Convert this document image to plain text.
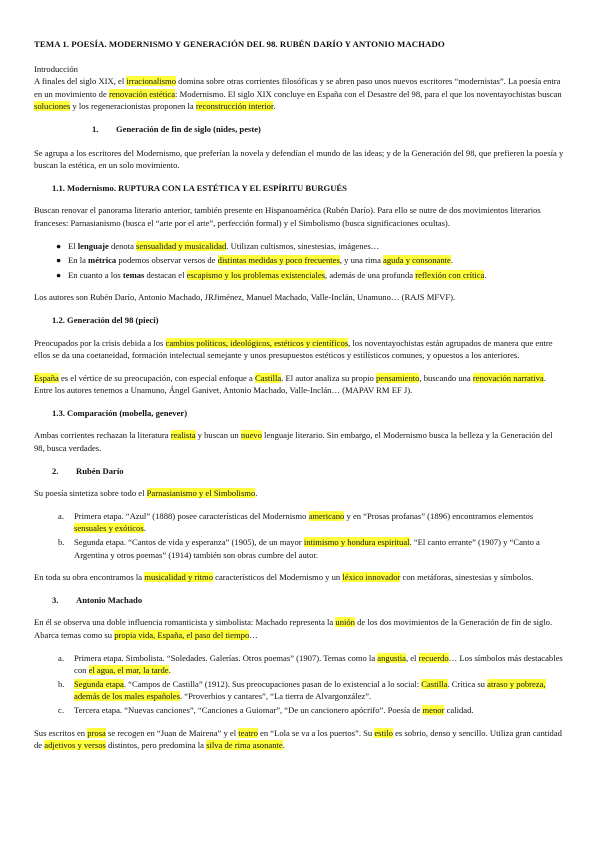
TEMA 1. POESÍA. MODERNISMO Y GENERACIÓN DEL 98. RUBÉN DARÍO Y ANTONIO MACHADO

Introducción

A finales del siglo XIX, el irracionalismo domina sobre otras corrientes filosóficas y se abren paso unos nuevos escritores “modernistas”. La poesía entra en un movimiento de renovación estética: Modernismo. El siglo XIX concluye en España con el Desastre del 98, para el que los noventayochistas buscan soluciones y los regeneracionistas proponen la reconstrucción interior.

1. Generación de fin de siglo (nides, peste)

Se agrupa a los escritores del Modernismo, que preferían la novela y defendían el mundo de las ideas; y de la Generación del 98, que prefieren la poesía y buscan la estética, en un solo movimiento.

1.1. Modernismo. RUPTURA CON LA ESTÉTICA Y EL ESPÍRITU BURGUÉS

Buscan renovar el panorama literario anterior, también presente en Hispanoamérica (Rubén Darío). Para ello se nutre de dos movimientos literarios franceses: Parnasianismo (busca el “arte por el arte”, perfección formal) y el Simbolismo (busca significaciones ocultas).

● El lenguaje denota sensualidad y musicalidad. Utilizan cultismos, sinestesias, imágenes…
● En la métrica podemos observar versos de distintas medidas y poco frecuentes, y una rima aguda y consonante.
● En cuanto a los temas destacan el escapismo y los problemas existenciales, además de una profunda reflexión con crítica.

Los autores son Rubén Darío, Antonio Machado, JRJiménez, Manuel Machado, Valle-Inclán, Unamuno… (RAJS MFVF).

1.2. Generación del 98 (pieci)

Preocupados por la crisis debida a los cambios políticos, ideológicos, estéticos y científicos, los noventayochistas están agrupados de manera que entre ellos se da una coetaneidad, formación intelectual semejante y unos presupuestos estéticos y estilísticos comunes, y opuestos a los anteriores.

España es el vértice de su preocupación, con especial enfoque a Castilla. El autor analiza su propio pensamiento, buscando una renovación narrativa. Entre los autores tenemos a Unamuno, Ángel Ganivet, Antonio Machado, Valle-Inclán… (MAPAV RM EF J).

1.3. Comparación (mobella, genever)

Ambas corrientes rechazan la literatura realista y buscan un nuevo lenguaje literario. Sin embargo, el Modernismo busca la belleza y la Generación del 98, busca verdades.

2. Rubén Darío

Su poesía sintetiza sobre todo el Parnasianismo y el Simbolismo.

a. Primera etapa. “Azul” (1888) posee características del Modernismo americano y en “Prosas profanas” (1896) encontramos elementos sensuales y exóticos.
b. Segunda etapa. “Cantos de vida y esperanza” (1905), de un mayor intimismo y hondura espiritual. “El canto errante” (1907) y “Canto a Argentina y otros poemas” (1914) también son obras cumbre del autor.

En toda su obra encontramos la musicalidad y ritmo característicos del Modernismo y un léxico innovador con metáforas, sinestesias y símbolos.

3. Antonio Machado

En él se observa una doble influencia romanticista y simbolista: Machado representa la unión de los dos movimientos de la Generación de fin de siglo. Abarca temas como su propia vida, España, el paso del tiempo…

a. Primera etapa. Simbolista. “Soledades. Galerías. Otros poemas” (1907). Temas como la angustia, el recuerdo… Los símbolos más destacables con el agua, el mar, la tarde.
b. Segunda etapa. “Campos de Castilla” (1912). Sus preocupaciones pasan de lo existencial a lo social: Castilla. Crítica su atraso y pobreza, además de los males españoles. “Proverbios y cantares”, “La tierra de Alvargonzález”.
c. Tercera etapa. “Nuevas canciones”, “Canciones a Guiomar”, “De un cancionero apócrifo”. Poesía de menor calidad.

Sus escritos en prosa se recogen en “Juan de Mairena” y el teatro en “Lola se va a los puertos”. Su estilo es sobrio, denso y sencillo. Utiliza gran cantidad de adjetivos y versos distintos, pero predomina la silva de rima asonante.
